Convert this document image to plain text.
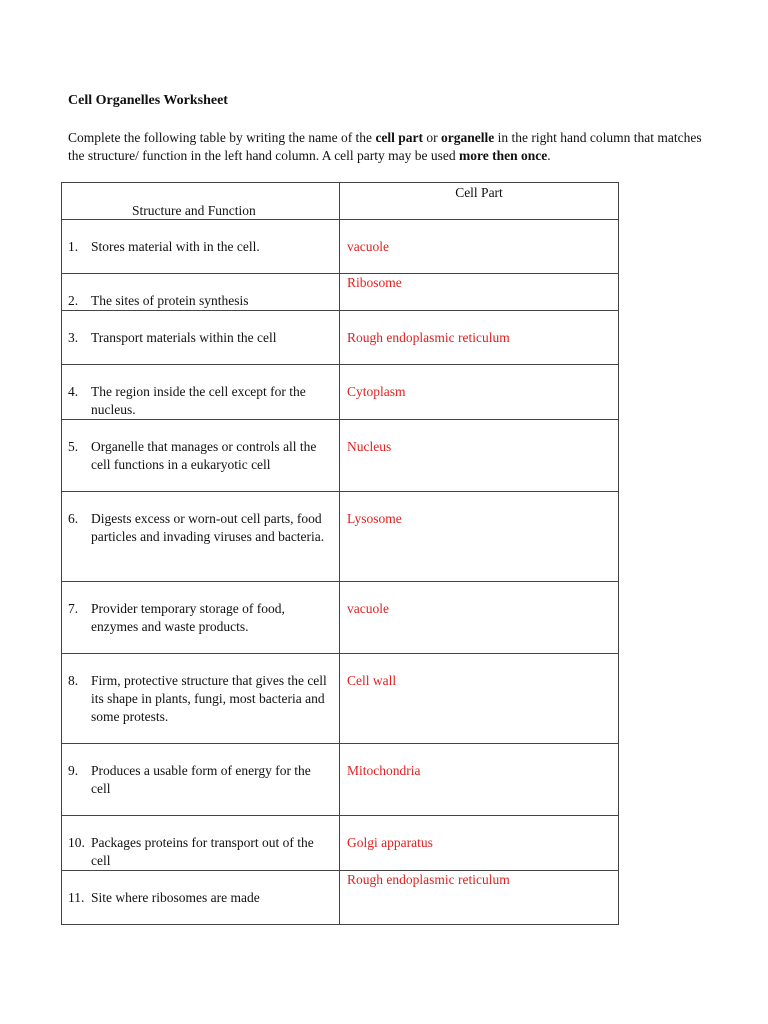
Cell Organelles Worksheet

Complete the following table by writing the name of the cell part or organelle in the right hand column that matches the structure/ function in the left hand column. A cell party may be used more then once.

Structure and Function	Cell Part

1. Stores material with in the cell.	vacuole

2. The sites of protein synthesis	Ribosome

3. Transport materials within the cell	Rough endoplasmic reticulum

4. The region inside the cell except for the nucleus.	Cytoplasm

5. Organelle that manages or controls all the cell functions in a eukaryotic cell	Nucleus

6. Digests excess or worn-out cell parts, food particles and invading viruses and bacteria.	Lysosome

7. Provider temporary storage of food, enzymes and waste products.	vacuole

8. Firm, protective structure that gives the cell its shape in plants, fungi, most bacteria and some protests.	Cell wall

9. Produces a usable form of energy for the cell	Mitochondria

10. Packages proteins for transport out of the cell	Golgi apparatus

11. Site where ribosomes are made	Rough endoplasmic reticulum
